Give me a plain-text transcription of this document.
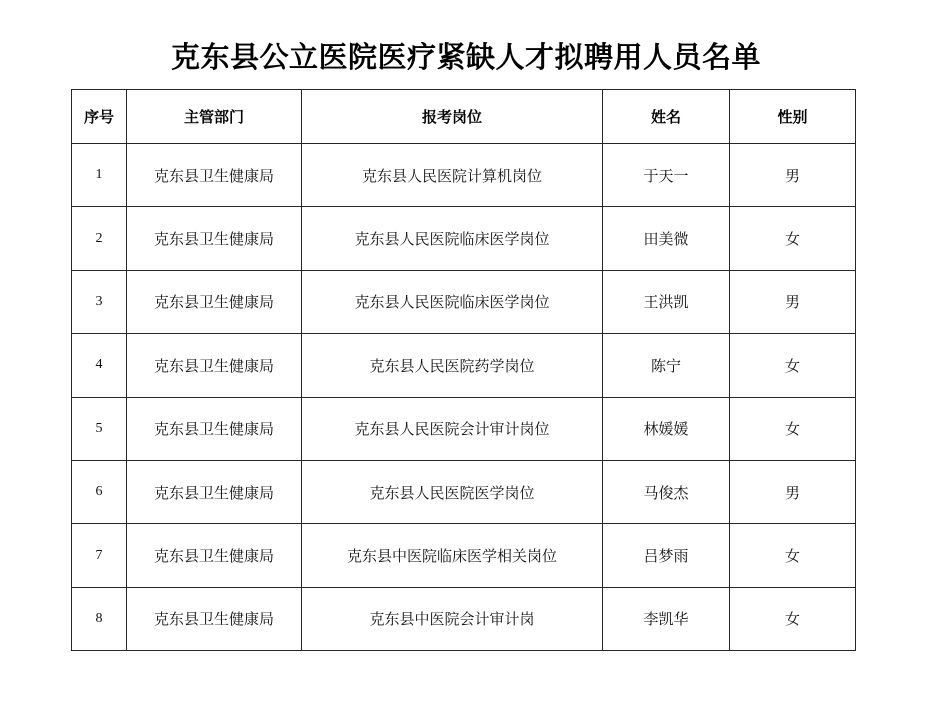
克东县公立医院医疗紧缺人才拟聘用人员名单
序号	主管部门	报考岗位	姓名	性别
1	克东县卫生健康局	克东县人民医院计算机岗位	于天一	男
2	克东县卫生健康局	克东县人民医院临床医学岗位	田美微	女
3	克东县卫生健康局	克东县人民医院临床医学岗位	王洪凯	男
4	克东县卫生健康局	克东县人民医院药学岗位	陈宁	女
5	克东县卫生健康局	克东县人民医院会计审计岗位	林媛媛	女
6	克东县卫生健康局	克东县人民医院医学岗位	马俊杰	男
7	克东县卫生健康局	克东县中医院临床医学相关岗位	吕梦雨	女
8	克东县卫生健康局	克东县中医院会计审计岗	李凯华	女
